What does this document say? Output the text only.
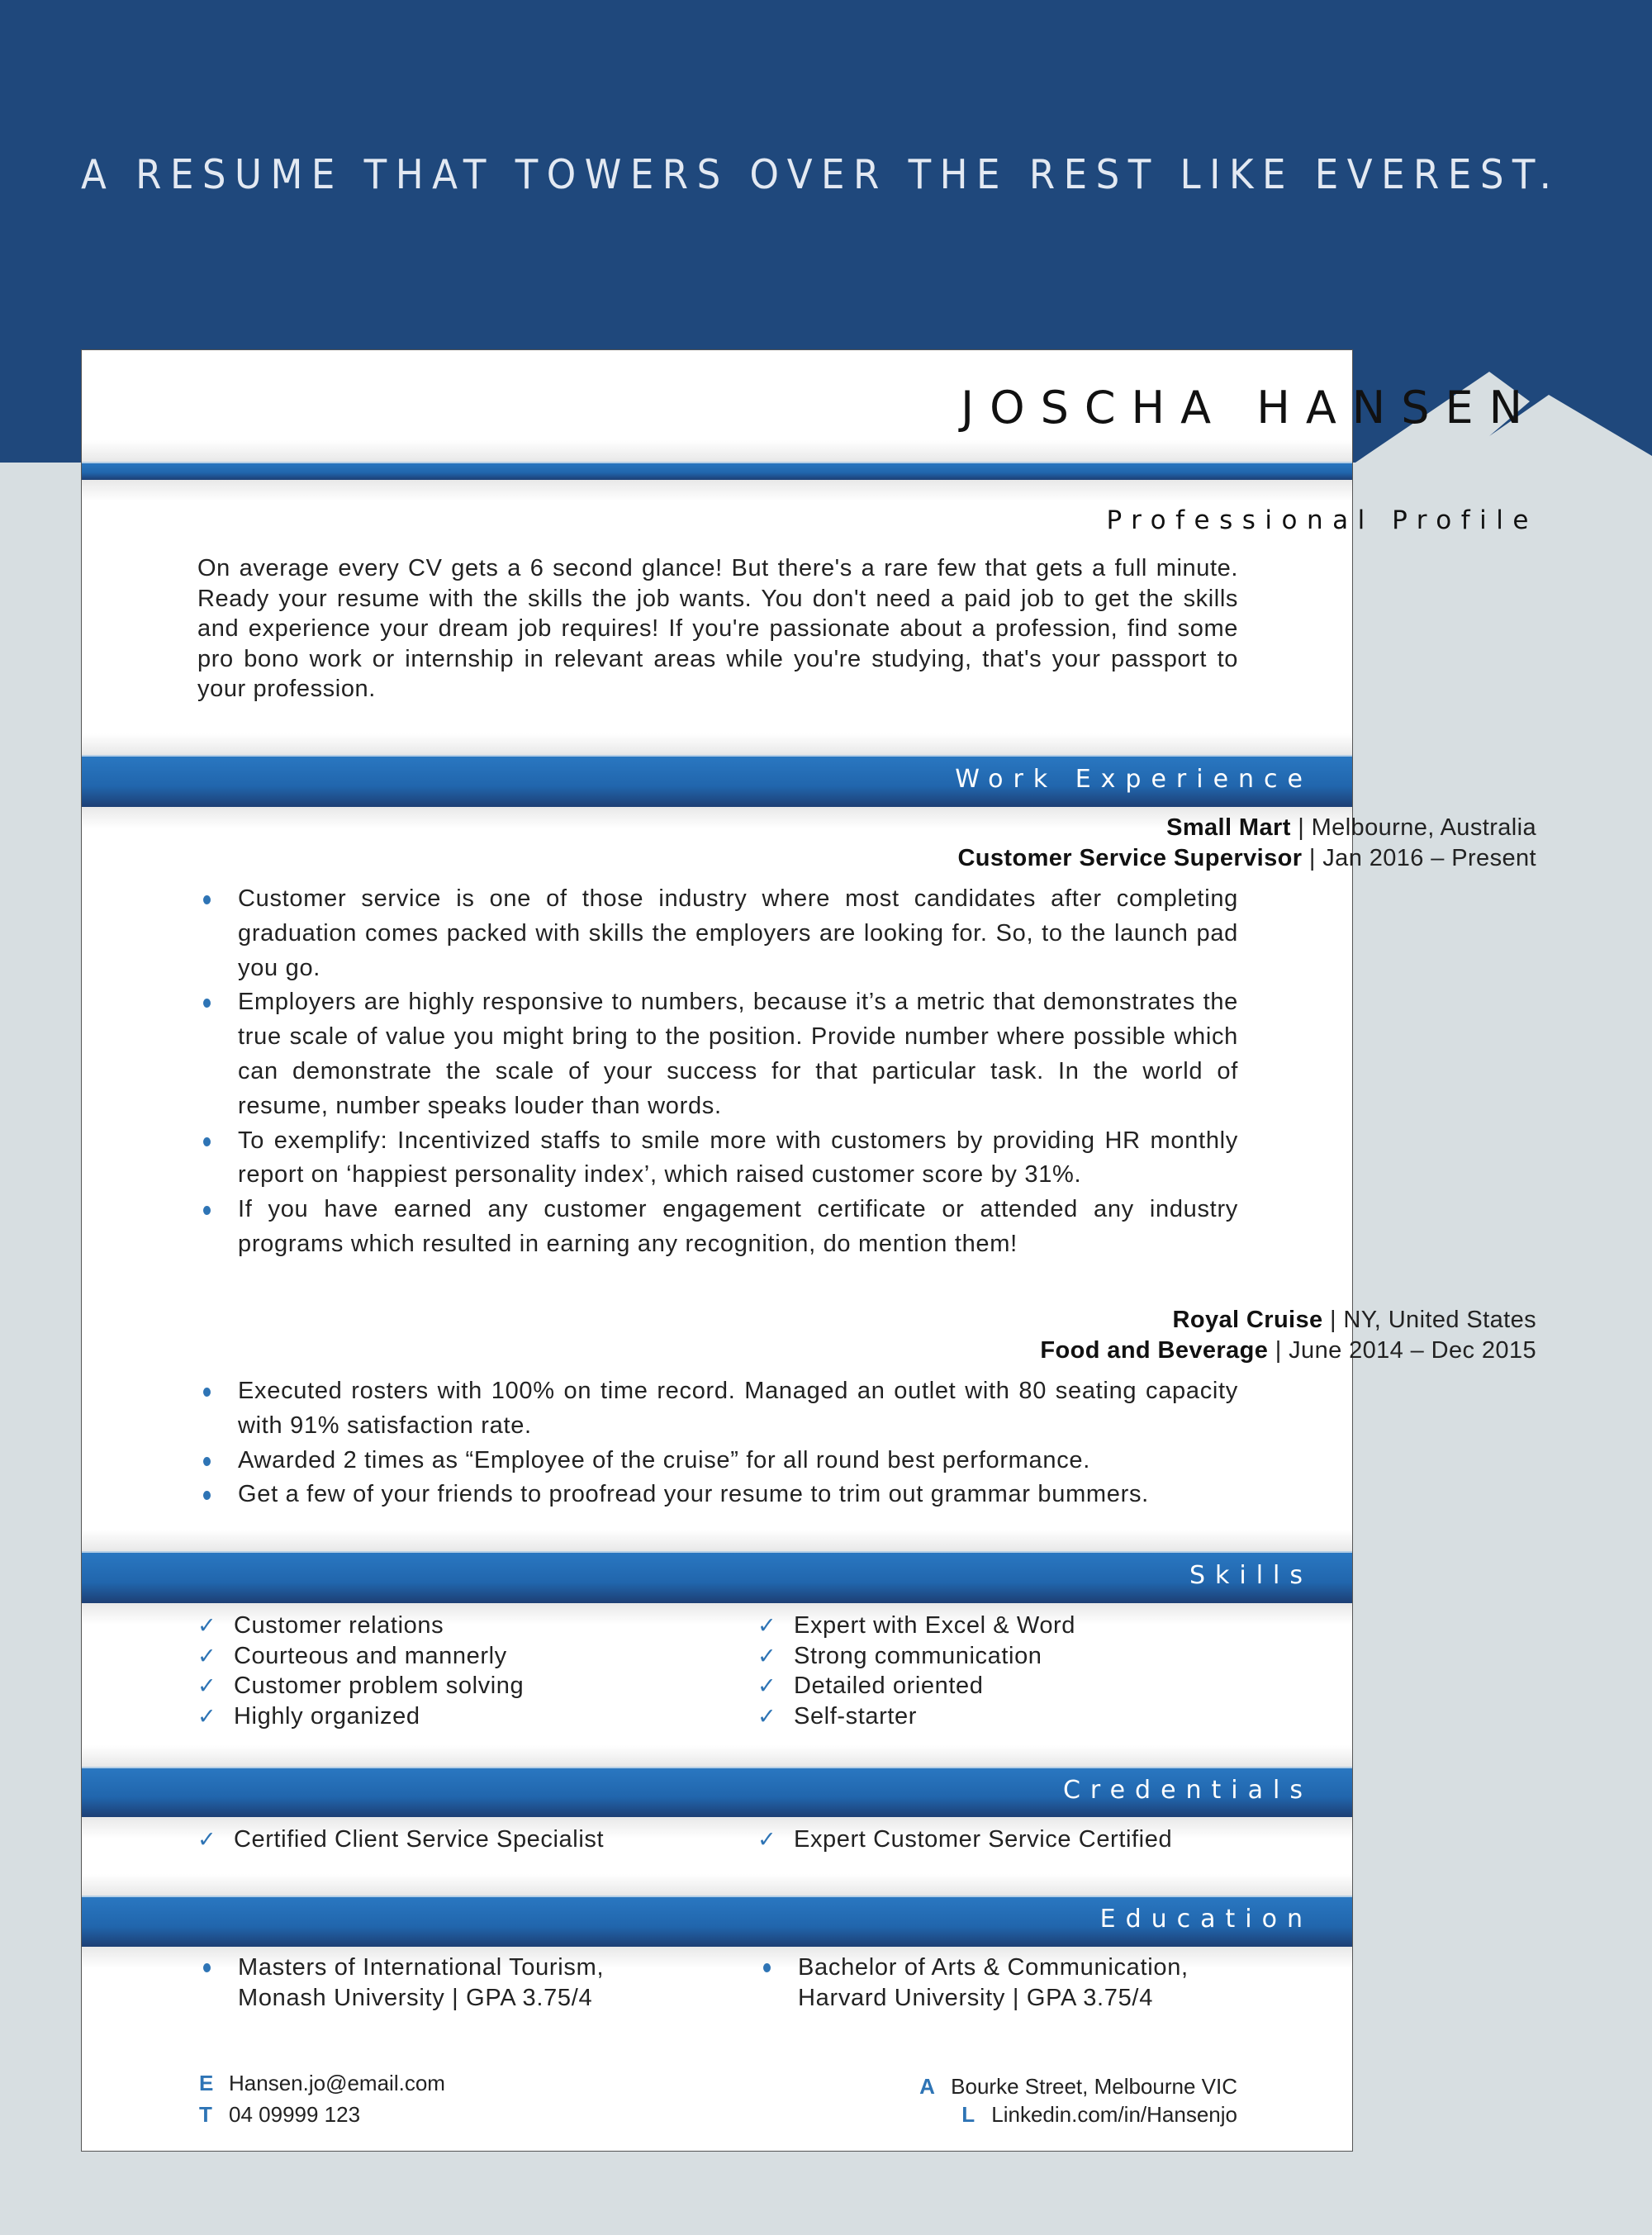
A RESUME THAT TOWERS OVER THE REST LIKE EVEREST.
JOSCHA HANSEN
Professional Profile
On average every CV gets a 6 second glance! But there's a rare few that gets a full minute. Ready your resume with the skills the job wants. You don't need a paid job to get the skills and experience your dream job requires! If you're passionate about a profession, find some pro bono work or internship in relevant areas while you're studying, that's your passport to your profession.
Work Experience
Small Mart | Melbourne, Australia
Customer Service Supervisor | Jan 2016 – Present
Customer service is one of those industry where most candidates after completing graduation comes packed with skills the employers are looking for. So, to the launch pad you go.
Employers are highly responsive to numbers, because it’s a metric that demonstrates the true scale of value you might bring to the position. Provide number where possible which can demonstrate the scale of your success for that particular task. In the world of resume, number speaks louder than words.
To exemplify: Incentivized staffs to smile more with customers by providing HR monthly report on ‘happiest personality index’, which raised customer score by 31%.
If you have earned any customer engagement certificate or attended any industry programs which resulted in earning any recognition, do mention them!
Royal Cruise | NY, United States
Food and Beverage | June 2014 – Dec 2015
Executed rosters with 100% on time record. Managed an outlet with 80 seating capacity with 91% satisfaction rate.
Awarded 2 times as “Employee of the cruise” for all round best performance.
Get a few of your friends to proofread your resume to trim out grammar bummers.
Skills
✓ Customer relations
✓ Courteous and mannerly
✓ Customer problem solving
✓ Highly organized
✓ Expert with Excel & Word
✓ Strong communication
✓ Detailed oriented
✓ Self-starter
Credentials
✓ Certified Client Service Specialist	✓ Expert Customer Service Certified
Education
Masters of International Tourism,
Monash University | GPA 3.75/4
Bachelor of Arts & Communication,
Harvard University | GPA 3.75/4
E Hansen.jo@email.com
T 04 09999 123
A Bourke Street, Melbourne VIC
L Linkedin.com/in/Hansenjo
